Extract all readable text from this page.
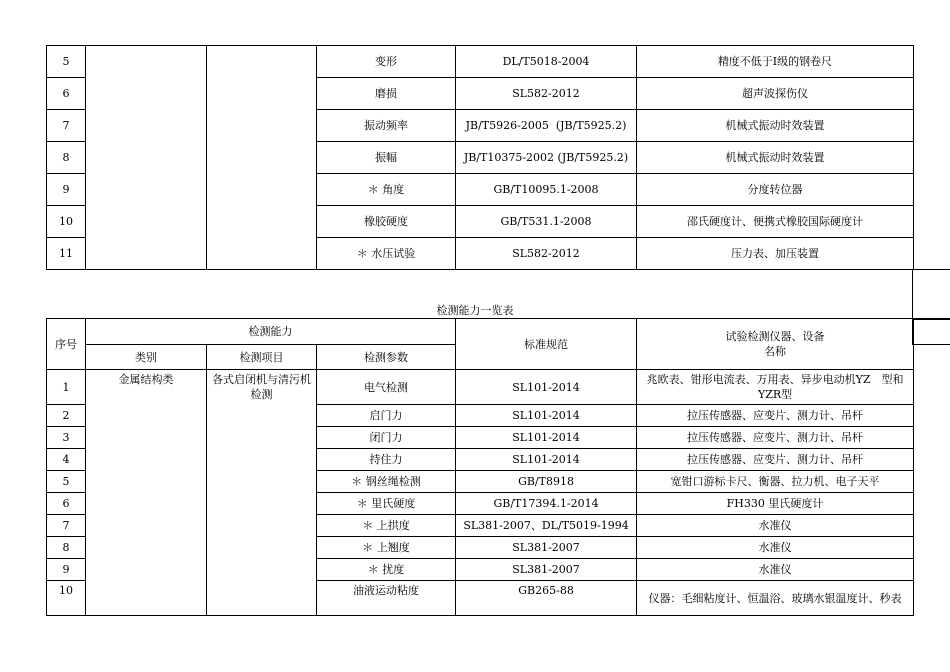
5			变形	DL/T5018-2004	精度不低于Ⅰ级的钢卷尺
6			磨损	SL582-2012	超声波探伤仪
7			振动频率	JB/T5926-2005  (JB/T5925.2)	机械式振动时效装置
8			振幅	JB/T10375-2002 (JB/T5925.2)	机械式振动时效装置
9			＊ 角度	GB/T10095.1-2008	分度转位器
10			橡胶硬度	GB/T531.1-2008	邵氏硬度计、便携式橡胶国际硬度计
11			＊ 水压试验	SL582-2012	压力表、加压装置
检测能力一览表
序号	检测能力			标准规范	试验检测仪器、设备
名称

	类别	检测项目	检测参数		
1	金属结构类	各式启闭机与清污机检测	电气检测	SL101-2014	兆欧表、钳形电流表、万用表、异步电动机YZ　型和YZR型
2			启门力	SL101-2014	拉压传感器、应变片、测力计、吊杆
3			闭门力	SL101-2014	拉压传感器、应变片、测力计、吊杆
4			持住力	SL101-2014	拉压传感器、应变片、测力计、吊杆
5			＊ 钢丝绳检测	GB/T8918	宽钳口游标卡尺、衡器、拉力机、电子天平
6			＊ 里氏硬度	GB/T17394.1-2014	FH330 里氏硬度计
7			＊ 上拱度	SL381-2007、DL/T5019-1994	水准仪
8			＊ 上翘度	SL381-2007	水准仪
9			＊ 扰度	SL381-2007	水准仪
10			油液运动粘度	GB265-88	仪器：毛细粘度计、恒温浴、玻璃水银温度计、秒表
